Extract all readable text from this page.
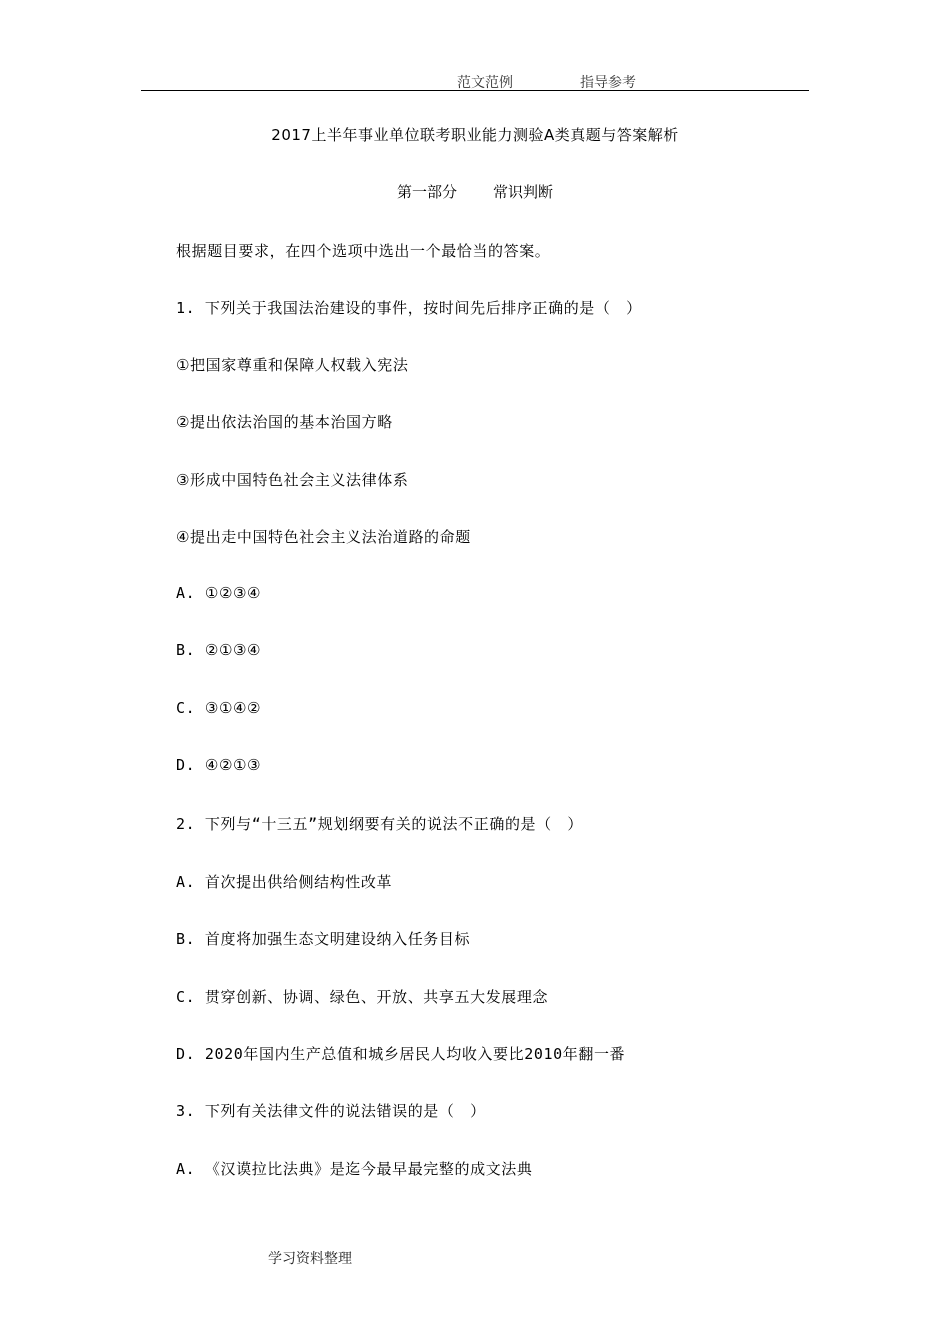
范文范例	指导参考
2017上半年事业单位联考职业能力测验A类真题与答案解析
第一部分 常识判断
根据题目要求，在四个选项中选出一个最恰当的答案。
1. 下列关于我国法治建设的事件，按时间先后排序正确的是（　）
①把国家尊重和保障人权载入宪法
②提出依法治国的基本治国方略
③形成中国特色社会主义法律体系
④提出走中国特色社会主义法治道路的命题
A. ①②③④
B. ②①③④
C. ③①④②
D. ④②①③
2. 下列与“十三五”规划纲要有关的说法不正确的是（　）
A. 首次提出供给侧结构性改革
B. 首度将加强生态文明建设纳入任务目标
C. 贯穿创新、协调、绿色、开放、共享五大发展理念
D. 2020年国内生产总值和城乡居民人均收入要比2010年翻一番
3. 下列有关法律文件的说法错误的是（　）
A. 《汉谟拉比法典》是迄今最早最完整的成文法典
学习资料整理
